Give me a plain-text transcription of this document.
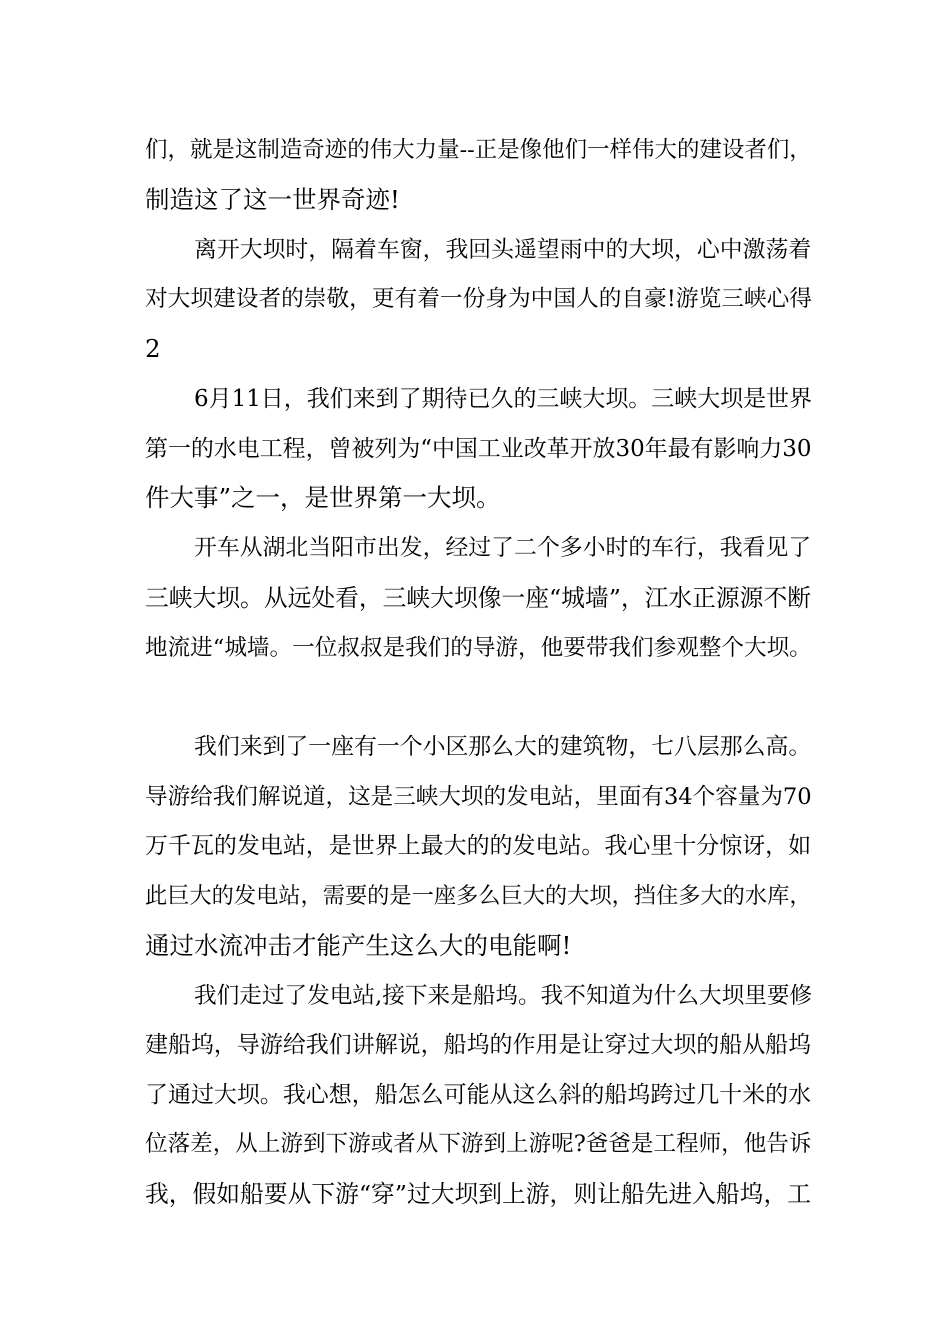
们，就是这制造奇迹的伟大力量--正是像他们一样伟大的建设者们，
制造这了这一世界奇迹!
离开大坝时，隔着车窗，我回头遥望雨中的大坝，心中激荡着
对大坝建设者的崇敬，更有着一份身为中国人的自豪!游览三峡心得
2
6月11日，我们来到了期待已久的三峡大坝。三峡大坝是世界
第一的水电工程，曾被列为“中国工业改革开放30年最有影响力30
件大事”之一，是世界第一大坝。
开车从湖北当阳市出发，经过了二个多小时的车行，我看见了
三峡大坝。从远处看，三峡大坝像一座“城墙”，江水正源源不断
地流进“城墙。一位叔叔是我们的导游，他要带我们参观整个大坝。
我们来到了一座有一个小区那么大的建筑物，七八层那么高。
导游给我们解说道，这是三峡大坝的发电站，里面有34个容量为70
万千瓦的发电站，是世界上最大的的发电站。我心里十分惊讶，如
此巨大的发电站，需要的是一座多么巨大的大坝，挡住多大的水库，
通过水流冲击才能产生这么大的电能啊!
我们走过了发电站,接下来是船坞。我不知道为什么大坝里要修
建船坞，导游给我们讲解说，船坞的作用是让穿过大坝的船从船坞
了通过大坝。我心想，船怎么可能从这么斜的船坞跨过几十米的水
位落差，从上游到下游或者从下游到上游呢?爸爸是工程师，他告诉
我，假如船要从下游“穿”过大坝到上游，则让船先进入船坞，工
